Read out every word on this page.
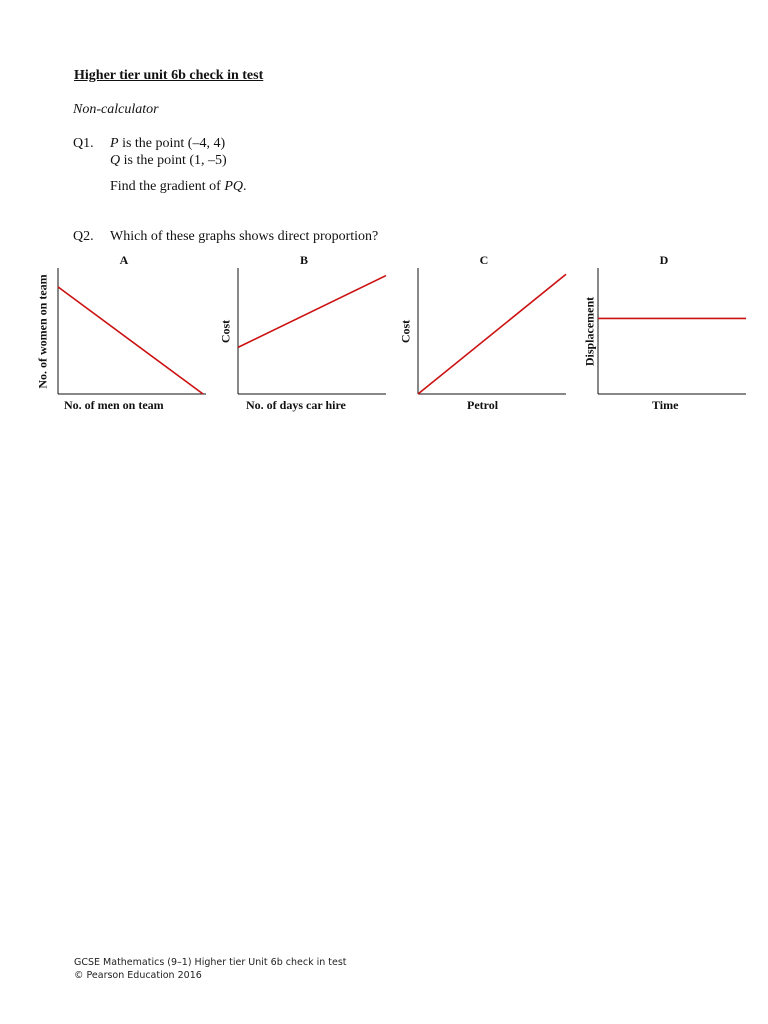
Higher tier unit 6b check in test
Non-calculator
Q1. P is the point (–4, 4)
Q is the point (1, –5)
Find the gradient of PQ.
Q2. Which of these graphs shows direct proportion?
A
No. of men on team
No. of women on team
B
No. of days car hire
Cost
C
Petrol
Cost
D
Time
Displacement
GCSE Mathematics (9–1) Higher tier Unit 6b check in test
© Pearson Education 2016
